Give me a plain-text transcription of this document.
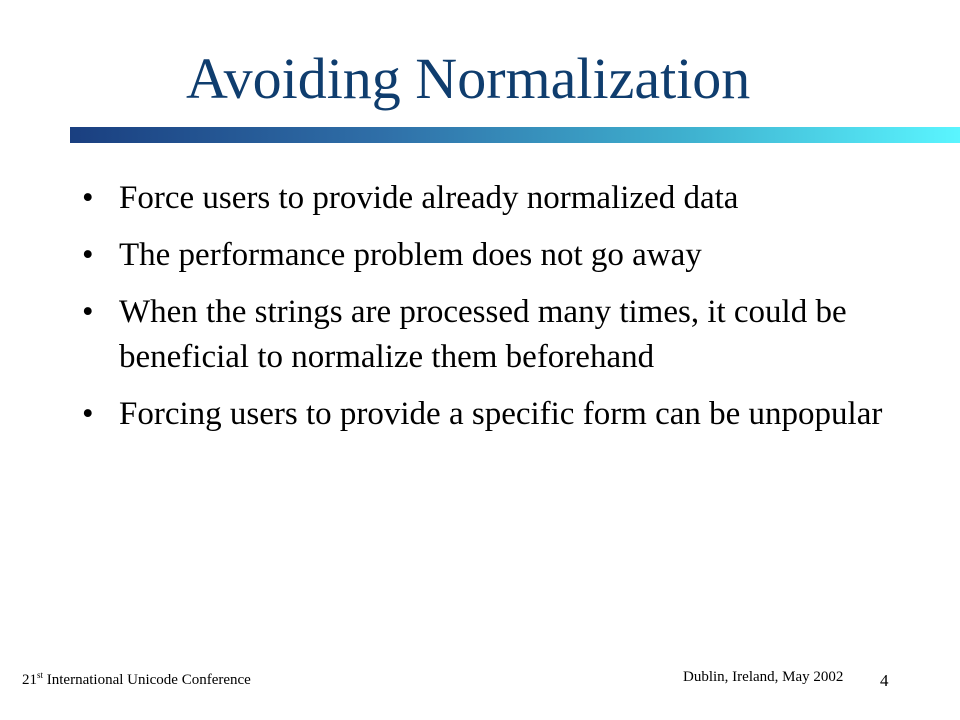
Avoiding Normalization
• Force users to provide already normalized data
• The performance problem does not go away
• When the strings are processed many times, it could be beneficial to normalize them beforehand
• Forcing users to provide a specific form can be unpopular
21st International Unicode Conference	Dublin, Ireland, May 2002 4
